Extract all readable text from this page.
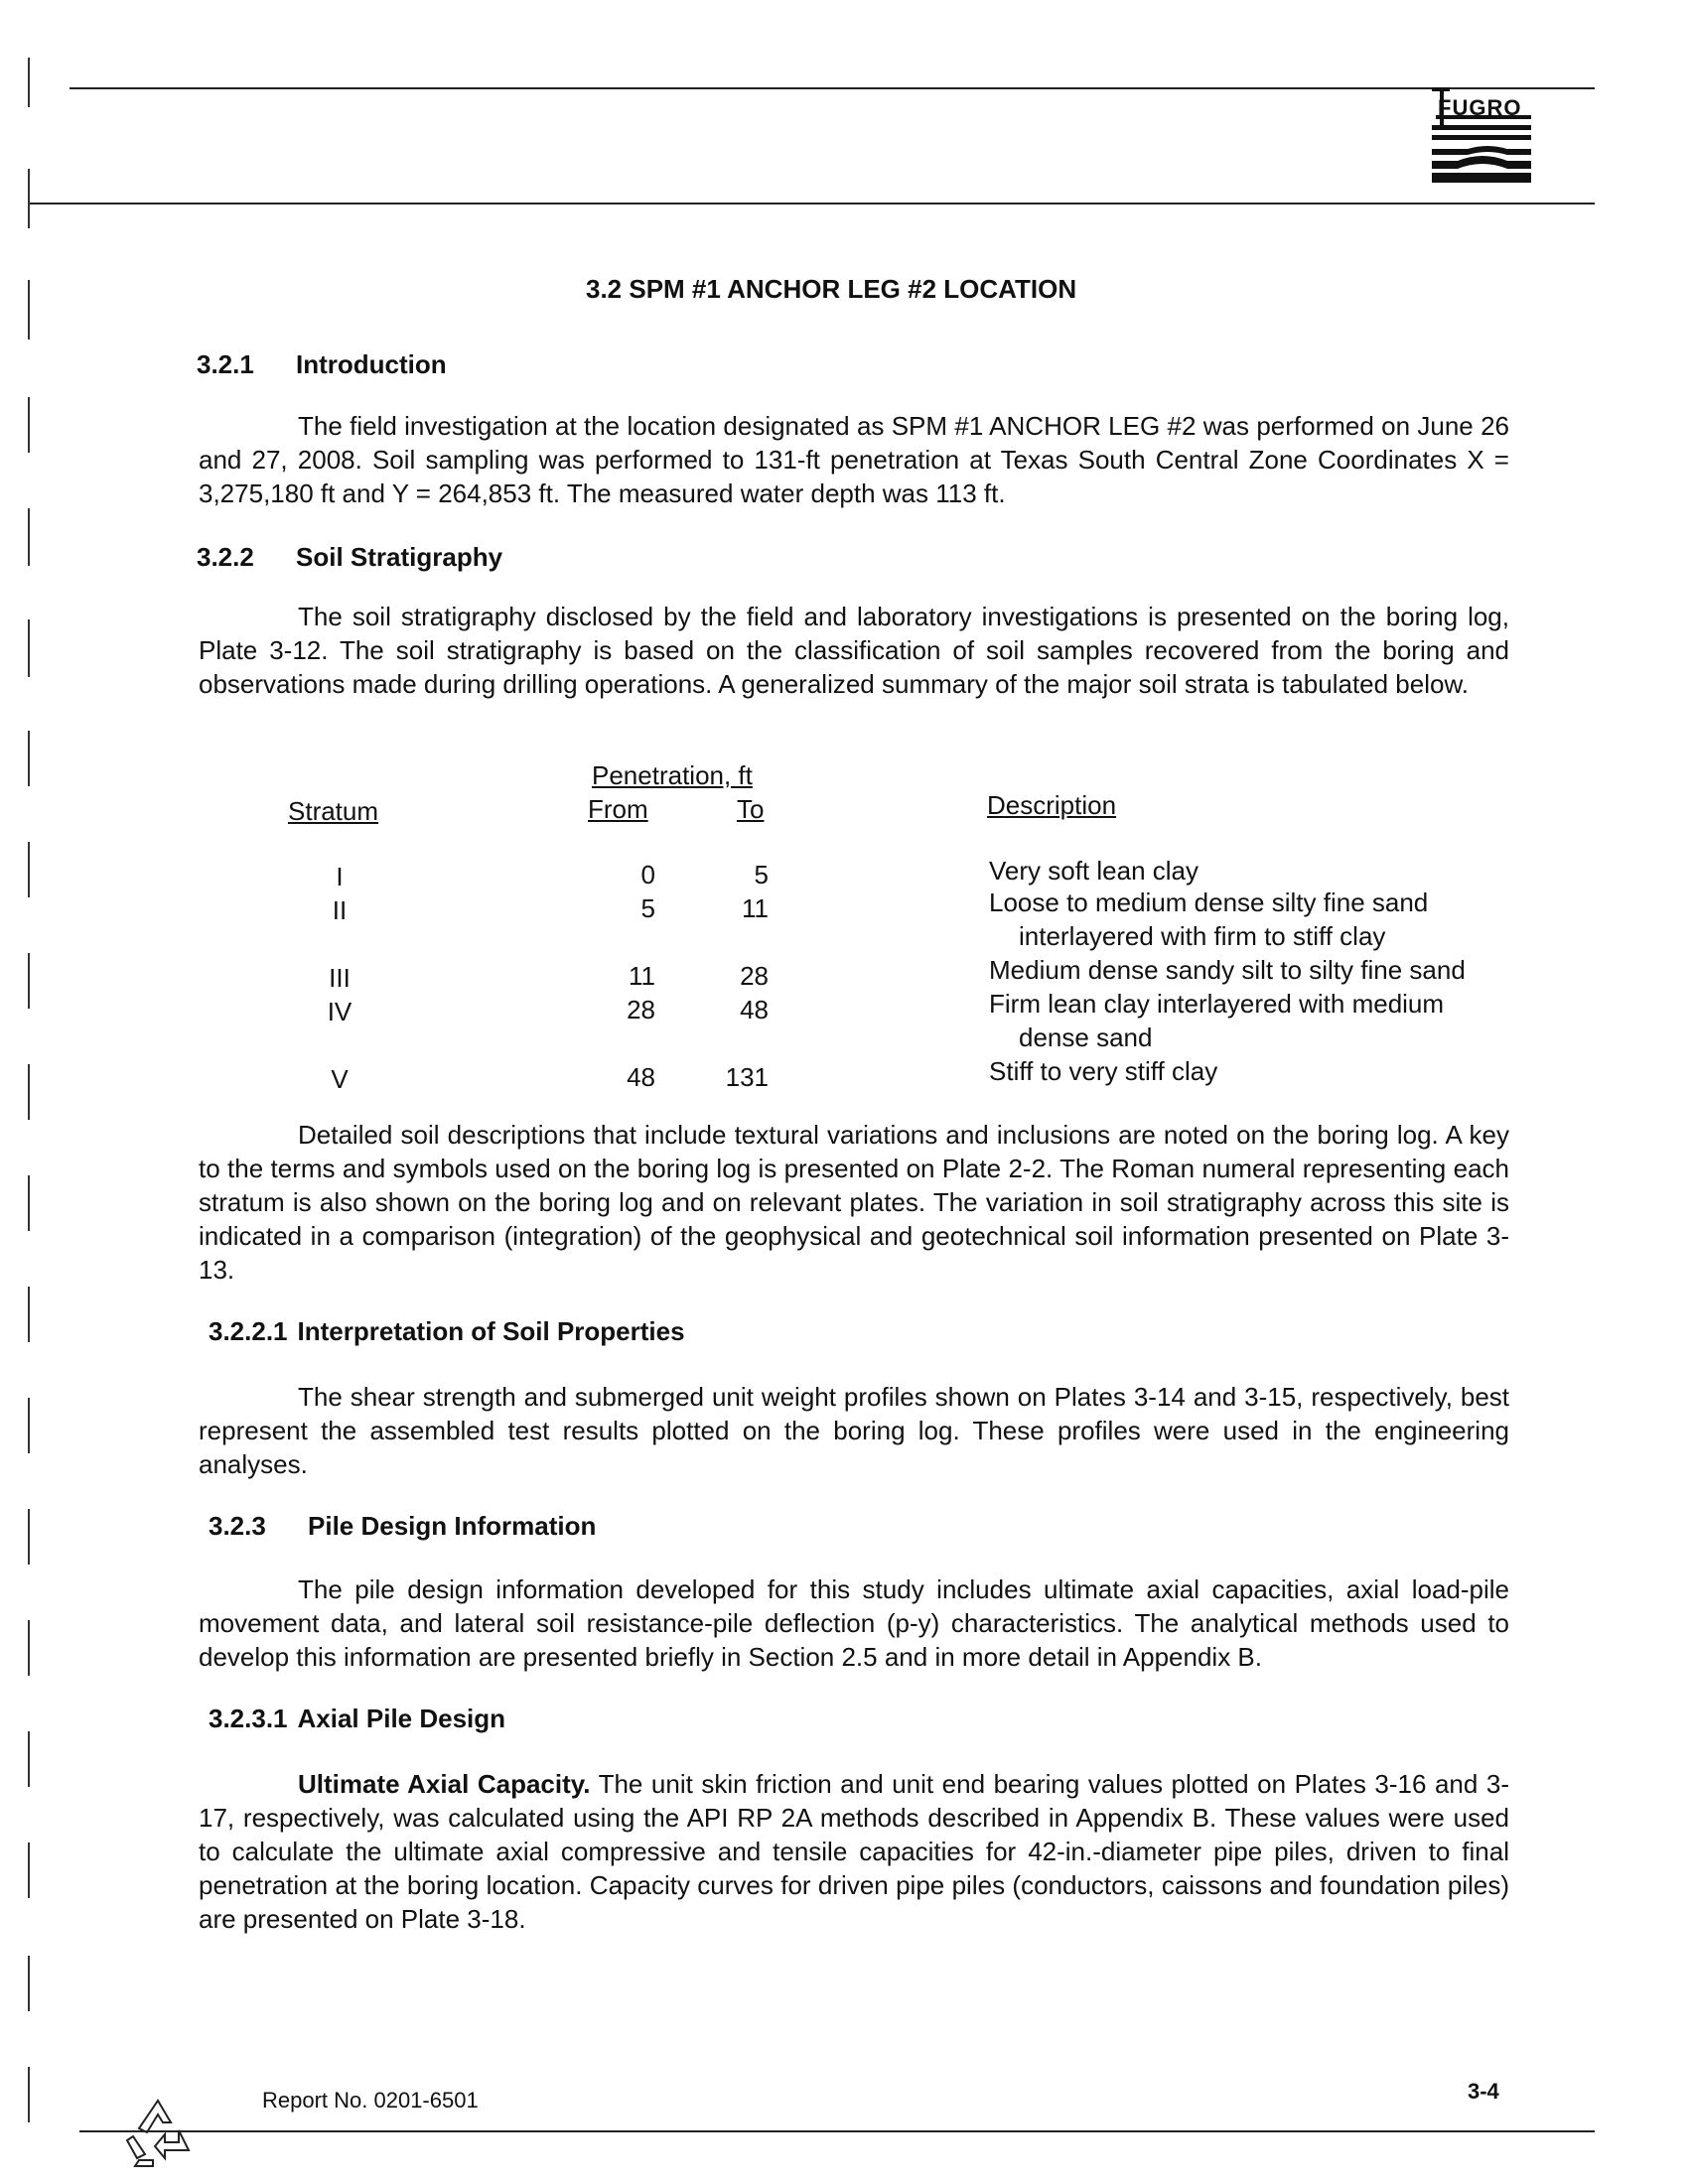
FUGRO
3.2 SPM #1 ANCHOR LEG #2 LOCATION
3.2.1 Introduction
The field investigation at the location designated as SPM #1 ANCHOR LEG #2 was performed on June 26 and 27, 2008. Soil sampling was performed to 131-ft penetration at Texas South Central Zone Coordinates X = 3,275,180 ft and Y = 264,853 ft. The measured water depth was 113 ft.
3.2.2 Soil Stratigraphy
The soil stratigraphy disclosed by the field and laboratory investigations is presented on the boring log, Plate 3-12. The soil stratigraphy is based on the classification of soil samples recovered from the boring and observations made during drilling operations. A generalized summary of the major soil strata is tabulated below.
Penetration, ft
Stratum	From	To	Description
I	0	5	Very soft lean clay
II	5	11	Loose to medium dense silty fine sand
interlayered with firm to stiff clay
III	11	28	Medium dense sandy silt to silty fine sand
IV	28	48	Firm lean clay interlayered with medium
dense sand
V	48	131	Stiff to very stiff clay
Detailed soil descriptions that include textural variations and inclusions are noted on the boring log. A key to the terms and symbols used on the boring log is presented on Plate 2-2. The Roman numeral representing each stratum is also shown on the boring log and on relevant plates. The variation in soil stratigraphy across this site is indicated in a comparison (integration) of the geophysical and geotechnical soil information presented on Plate 3-13.
3.2.2.1 Interpretation of Soil Properties
The shear strength and submerged unit weight profiles shown on Plates 3-14 and 3-15, respectively, best represent the assembled test results plotted on the boring log. These profiles were used in the engineering analyses.
3.2.3 Pile Design Information
The pile design information developed for this study includes ultimate axial capacities, axial load-pile movement data, and lateral soil resistance-pile deflection (p-y) characteristics. The analytical methods used to develop this information are presented briefly in Section 2.5 and in more detail in Appendix B.
3.2.3.1 Axial Pile Design
Ultimate Axial Capacity. The unit skin friction and unit end bearing values plotted on Plates 3-16 and 3-17, respectively, was calculated using the API RP 2A methods described in Appendix B. These values were used to calculate the ultimate axial compressive and tensile capacities for 42-in.-diameter pipe piles, driven to final penetration at the boring location. Capacity curves for driven pipe piles (conductors, caissons and foundation piles) are presented on Plate 3-18.
Report No. 0201-6501	3-4
